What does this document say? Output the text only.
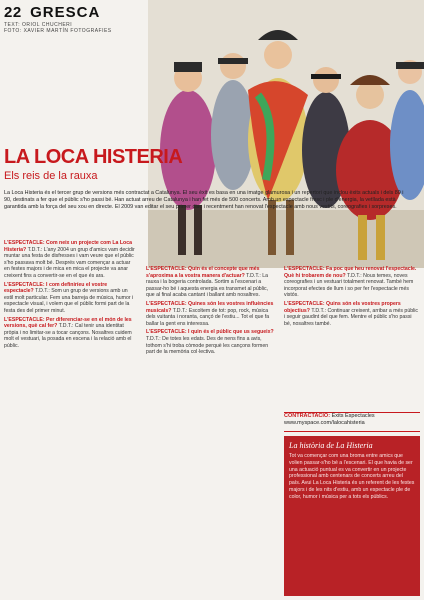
22 GRESCA
TEXT: ORIOL CHUCHERI
FOTO: XAVIER MARTÍN FOTOGRAFIES
LA LOCA HISTERIA
Els reis de la rauxa
La Loca Histeria és el tercer grup de versions més contractat a Catalunya. El seu èxit es basa en una imatge glamurosa i un repertori que inclou èxits actuals i dels 80 i 90, destinats a fer que el públic s'ho passi bé. Han actuat arreu de Catalunya i han fet més de 500 concerts. Amb un espectacle fresc i ple d'energia, la vetllada està garantida amb la força del seu xou en directe. El 2009 van editar el seu primer disc i recentment han renovat l'espectacle amb nous vestits, coreografies i sorpreses.

L'ESPECTACLE: Com neix un projecte com La Loca Histeria? T.D.T.: L'any 2004 un grup d'amics vam decidir muntar una festa de disfresses i vam veure que el públic s'ho passava molt bé. Després vam començar a actuar en festes majors i de mica en mica el projecte va anar creixent fins a convertir-se en el que és ara.

L'ESPECTACLE: I com definiríeu el vostre espectacle? T.D.T.: Som un grup de versions amb un estil molt particular. Fem una barreja de música, humor i espectacle visual, i volem que el públic formi part de la festa des del primer minut.

L'ESPECTACLE: Per diferenciar-se en el món de les versions, què cal fer? T.D.T.: Cal tenir una identitat pròpia i no limitar-se a tocar cançons. Nosaltres cuidem molt el vestuari, la posada en escena i la relació amb el públic.

L'ESPECTACLE: Quin és el concepte que més s'aproxima a la vostra manera d'actuar? T.D.T.: La rauxa i la bogeria controlada. Sortim a l'escenari a passar-ho bé i aquesta energia es transmet al públic, que al final acaba cantant i ballant amb nosaltres.

L'ESPECTACLE: Quines són les vostres influències musicals? T.D.T.: Escoltem de tot: pop, rock, música dels vuitanta i noranta, cançó de l'estiu... Tot el que fa ballar la gent ens interessa.

L'ESPECTACLE: I quin és el públic que us segueix? T.D.T.: De totes les edats. Des de nens fins a avis, tothom s'hi troba còmode perquè les cançons formen part de la memòria col·lectiva.

L'ESPECTACLE: Fa poc que heu renovat l'espectacle. Què hi trobarem de nou? T.D.T.: Nous temes, noves coreografies i un vestuari totalment renovat. També hem incorporat efectes de llum i so per fer l'espectacle més vistós.

L'ESPECTACLE: Quins són els vostres propers objectius? T.D.T.: Continuar creixent, arribar a més públic i seguir gaudint del que fem. Mentre el públic s'ho passi bé, nosaltres també.

CONTRACTACIÓ: Éxits Espectacles
www.myspace.com/lalocahisteria
La història de La Histeria

Tot va començar com una broma entre amics que volien passar-s'ho bé a l'escenari. El que havia de ser una actuació puntual es va convertir en un projecte professional amb centenars de concerts arreu del país. Avui La Loca Histeria és un referent de les festes majors i de les nits d'estiu, amb un espectacle ple de color, humor i música per a tots els públics.
